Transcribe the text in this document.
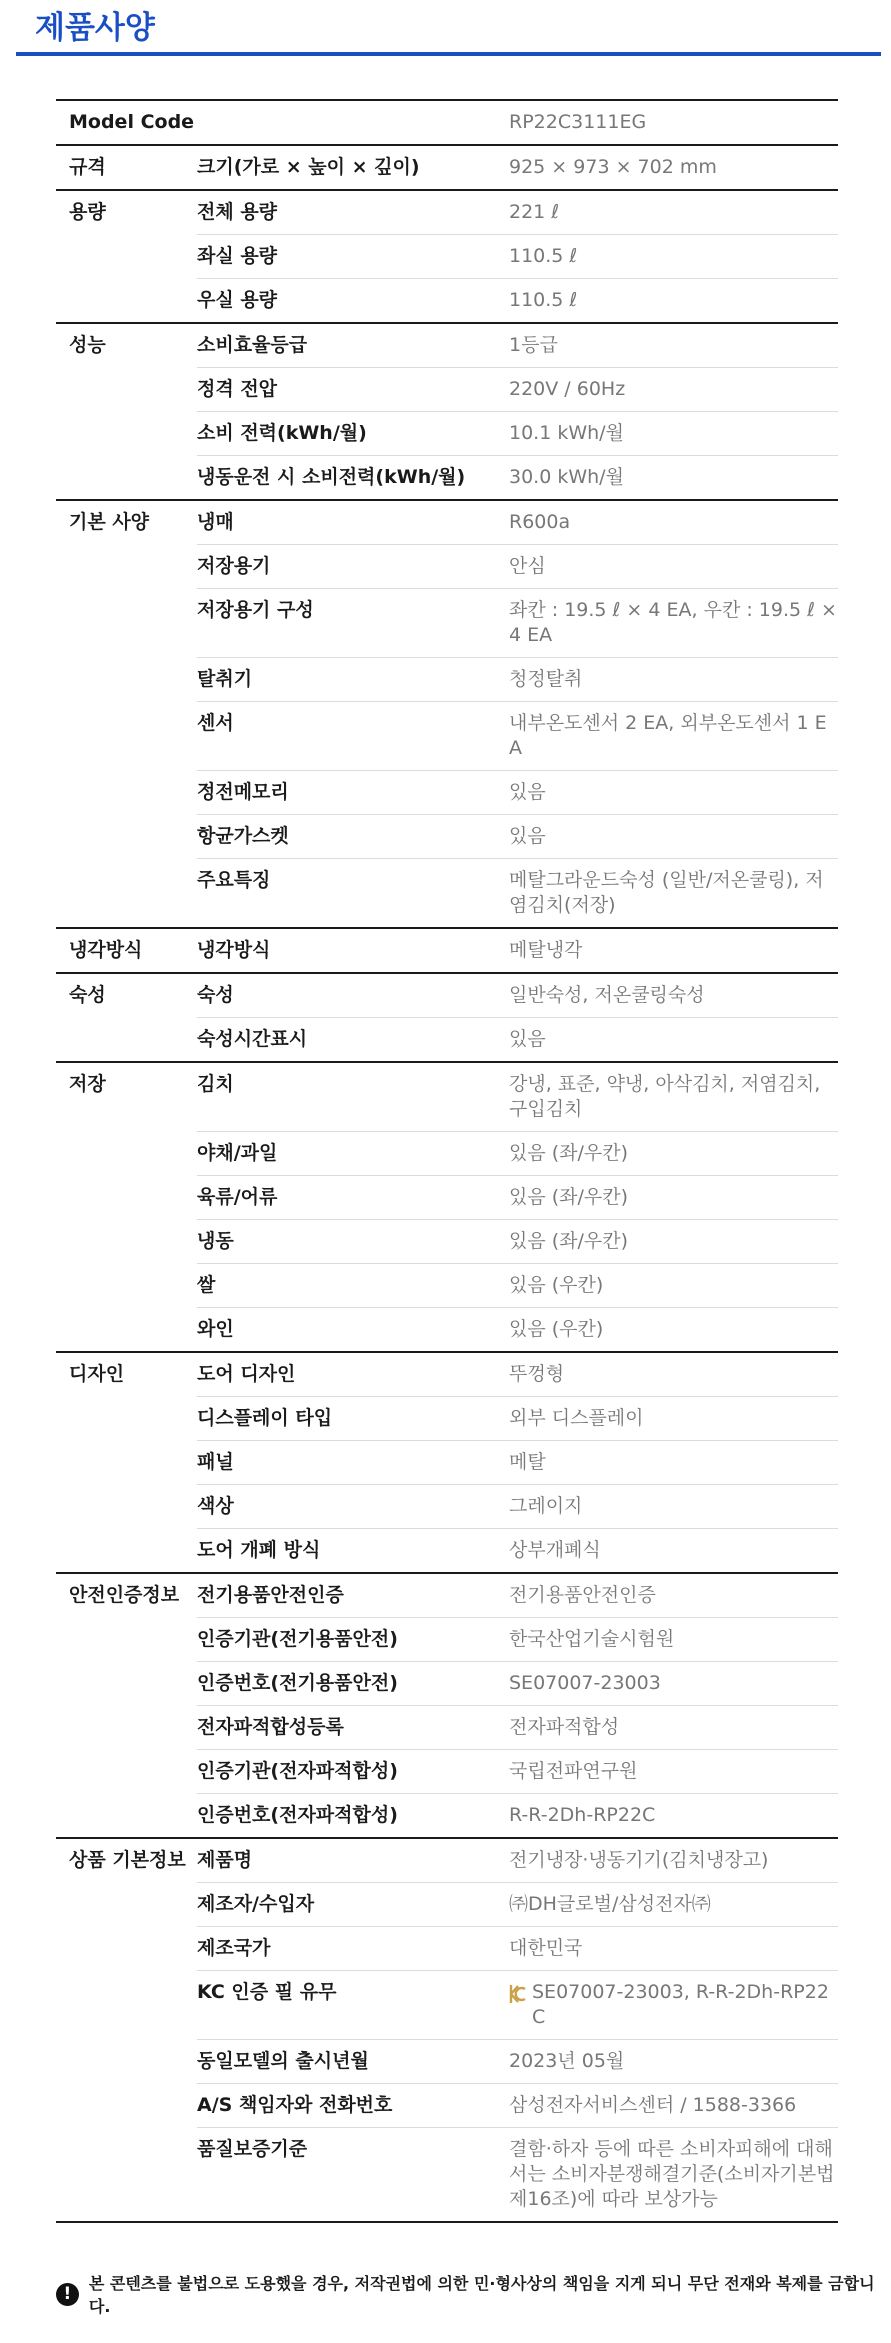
제품사양
Model Code		RP22C3111EG
규격	크기(가로 × 높이 × 깊이)	925 × 973 × 702 mm
용량	전체 용량	221 ℓ
	좌실 용량	110.5 ℓ
	우실 용량	110.5 ℓ
성능	소비효율등급	1등급
	정격 전압	220V / 60Hz
	소비 전력(kWh/월)	10.1 kWh/월
	냉동운전 시 소비전력(kWh/월)	30.0 kWh/월
기본 사양	냉매	R600a
	저장용기	안심
	저장용기 구성	좌칸 : 19.5 ℓ × 4 EA, 우칸 : 19.5 ℓ × 4 EA
	탈취기	청정탈취
	센서	내부온도센서 2 EA, 외부온도센서 1 EA
	정전메모리	있음
	항균가스켓	있음
	주요특징	메탈그라운드숙성 (일반/저온쿨링), 저염김치(저장)
냉각방식	냉각방식	메탈냉각
숙성	숙성	일반숙성, 저온쿨링숙성
	숙성시간표시	있음
저장	김치	강냉, 표준, 약냉, 아삭김치, 저염김치, 구입김치
	야채/과일	있음 (좌/우칸)
	육류/어류	있음 (좌/우칸)
	냉동	있음 (좌/우칸)
	쌀	있음 (우칸)
	와인	있음 (우칸)
디자인	도어 디자인	뚜껑형
	디스플레이 타입	외부 디스플레이
	패널	메탈
	색상	그레이지
	도어 개폐 방식	상부개폐식
안전인증정보	전기용품안전인증	전기용품안전인증
	인증기관(전기용품안전)	한국산업기술시험원
	인증번호(전기용품안전)	SE07007-23003
	전자파적합성등록	전자파적합성
	인증기관(전자파적합성)	국립전파연구원
	인증번호(전자파적합성)	R-R-2Dh-RP22C
상품 기본정보	제품명	전기냉장·냉동기기(김치냉장고)
	제조자/수입자	㈜DH글로벌/삼성전자㈜
	제조국가	대한민국
	KC 인증 필 유무	SE07007-23003, R-R-2Dh-RP22C

	동일모델의 출시년월	2023년 05월
	A/S 책임자와 전화번호	삼성전자서비스센터 / 1588-3366
	품질보증기준	결함·하자 등에 따른 소비자피해에 대해서는 소비자분쟁해결기준(소비자기본법 제16조)에 따라 보상가능
!
본 콘텐츠를 불법으로 도용했을 경우, 저작권법에 의한 민·형사상의 책임을 지게 되니 무단 전재와 복제를 금합니다.
